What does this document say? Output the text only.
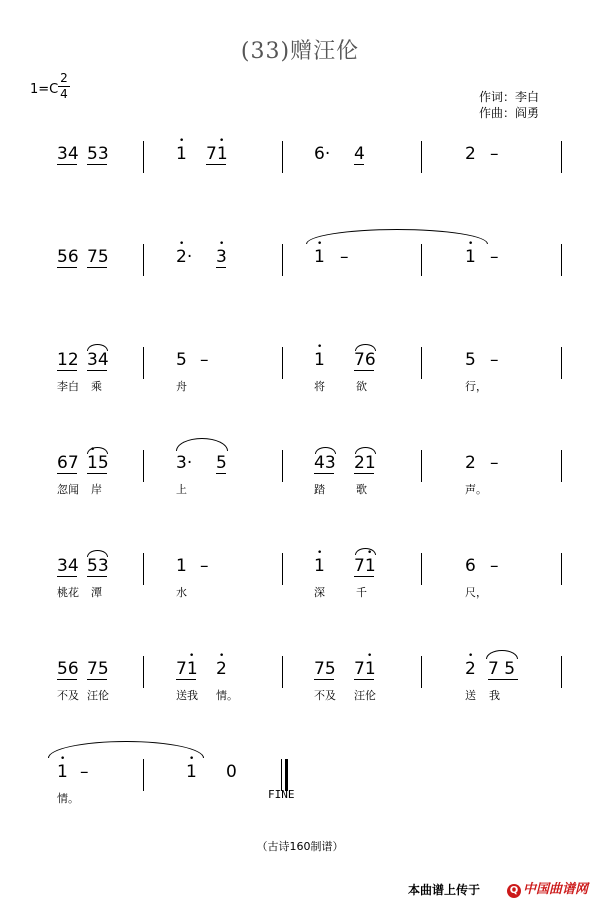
(33)赠汪伦
1=C
2
4	作词：李白
作曲：阎勇
34 53	1
•
71
•
6· 4	2 –
56 75	2·
•
3
•
1
•
–	1
•
–
12 34
李白 乘
5 –
舟
1
•
76
将	欲
5 –
行，
67 15
•
忽闻 岸
3· 5
上
43 21
踏	歌
2 –
声。
34 53
桃花 潭
1 –
水
1
•
71
•
深	千
6 –
尺，
56 75
不及 汪伦
71
•
2
•
送我 情。
75 71
•
不及 汪伦
2
•
7 5
送 我
1
•
–
情。
1
•
0
FINE
（古诗160制谱）
本曲谱上传于	Q 中国曲谱网
